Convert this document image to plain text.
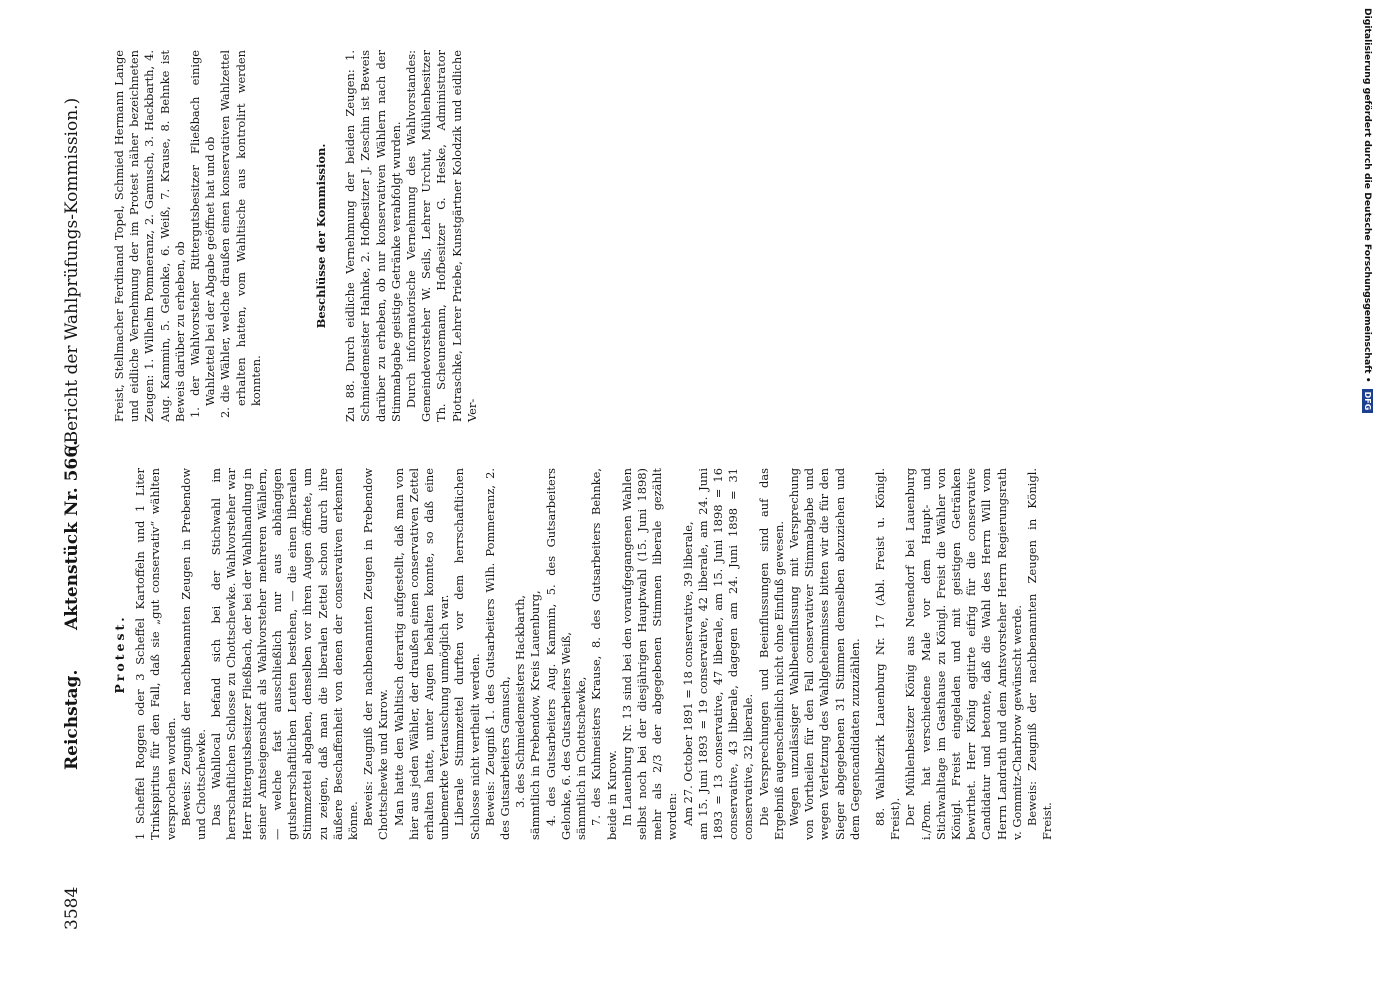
3584
Reichstag.
Aktenstück Nr. 566.
(Bericht der Wahlprüfungs-Kommission.)
Protest. 1 Scheffel Roggen oder 3 Scheffel Kartoffeln und 1 Liter Trinkspiritus für den Fall, daß sie „gut conservativ“ wählten versprochen worden. Beweis: Zeugniß der nachbenannten Zeugen in Prebendow und Chottschewke. Das Wahllocal befand sich bei der Stichwahl im herrschaftlichen Schlosse zu Chottschewke. Wahlvorsteher war Herr Rittergutsbesitzer Fließbach, der bei der Wahlhandlung in seiner Amtseigenschaft als Wahlvorsteher mehreren Wählern, — welche fast ausschließlich nur aus abhängigen gutsherrschaftlichen Leuten bestehen, — die einen liberalen Stimmzettel abgaben, denselben vor ihren Augen öffnete, um zu zeigen, daß man die liberalen Zettel schon durch ihre äußere Beschaffenheit von denen der conservativen erkennen könne. Beweis: Zeugniß der nachbenannten Zeugen in Prebendow Chottschewke und Kurow. Man hatte den Wahltisch derartig aufgestellt, daß man von hier aus jeden Wähler, der draußen einen conservativen Zettel erhalten hatte, unter Augen behalten konnte, so daß eine unbemerkte Vertauschung unmöglich war. Liberale Stimmzettel durften vor dem herrschaftlichen Schlosse nicht vertheilt werden. Beweis: Zeugniß 1. des Gutsarbeiters Wilh. Pommeranz, 2. des Gutsarbeiters Gamusch, 3. des Schmiedemeisters Hackbarth, sämmtlich in Prebendow, Kreis Lauenburg, 4. des Gutsarbeiters Aug. Kammin, 5. des Gutsarbeiters Gelonke, 6. des Gutsarbeiters Weiß, sämmtlich in Chottschewke, 7. des Kuhmeisters Krause, 8. des Gutsarbeiters Behnke, beide in Kurow. In Lauenburg Nr. 13 sind bei den voraufgegangenen Wahlen selbst noch bei der diesjährigen Hauptwahl (15. Juni 1898) mehr als 2/3 der abgegebenen Stimmen liberale gezählt worden: Am 27. October 1891 = 18 conservative, 39 liberale, am 15. Juni 1893 = 19 conservative, 42 liberale, am 24. Juni 1893 = 13 conservative, 47 liberale, am 15. Juni 1898 = 16 conservative, 43 liberale, dagegen am 24. Juni 1898 = 31 conservative, 32 liberale. Die Versprechungen und Beeinflussungen sind auf das Ergebniß augenscheinlich nicht ohne Einfluß gewesen. Wegen unzulässiger Wahlbeeinflussung mit Versprechung von Vortheilen für den Fall conservativer Stimmabgabe und wegen Verletzung des Wahlgeheimnisses bitten wir die für den Sieger abgegebenen 31 Stimmen demselben abzuziehen und dem Gegencandidaten zuzuzählen. 88. Wahlbezirk Lauenburg Nr. 17 (Abl. Freist u. Königl. Freist). Der Mühlenbesitzer König aus Neuendorf bei Lauenburg i./Pom. hat verschiedene Male vor dem Haupt- und Stichwahltage im Gasthause zu Königl. Freist die Wähler von Königl. Freist eingeladen und mit geistigen Getränken bewirthet. Herr König agitirte eifrig für die conservative Candidatur und betonte, daß die Wahl des Herrn Will vom Herrn Landrath und dem Amtsvorsteher Herrn Regierungsrath v. Gommitz-Charbrow gewünscht werde. Beweis: Zeugniß der nachbenannten Zeugen in Königl. Freist.

Freist, Stellmacher Ferdinand Topel, Schmied Hermann Lange und eidliche Vernehmung der im Protest näher bezeichneten Zeugen: 1. Wilhelm Pommeranz, 2. Gamusch, 3. Hackbarth, 4. Aug. Kammin, 5. Gelonke, 6. Weiß, 7. Krause, 8. Behnke ist Beweis darüber zu erheben, ob 1. der Wahlvorsteher Rittergutsbesitzer Fließbach einige Wahlzettel bei der Abgabe geöffnet hat und ob 2. die Wähler, welche draußen einen konservativen Wahlzettel erhalten hatten, vom Wahltische aus kontrolirt werden konnten.

Beschlüsse der Kommission. Zu 88. Durch eidliche Vernehmung der beiden Zeugen: 1. Schmiedemeister Hahnke, 2. Hofbesitzer J. Zeschin ist Beweis darüber zu erheben, ob nur konservativen Wählern nach der Stimmabgabe geistige Getränke verabfolgt wurden. Durch informatorische Vernehmung des Wahlvorstandes: Gemeindevorsteher W. Seils, Lehrer Urchut, Mühlenbesitzer Th. Scheunemann, Hofbesitzer G. Heske, Administrator Piotraschke, Lehrer Priebe, Kunstgärtner Kolodzik und eidliche Ver-

Digitalisierung gefördert durch die Deutsche Forschungsgemeinschaft •DFG
